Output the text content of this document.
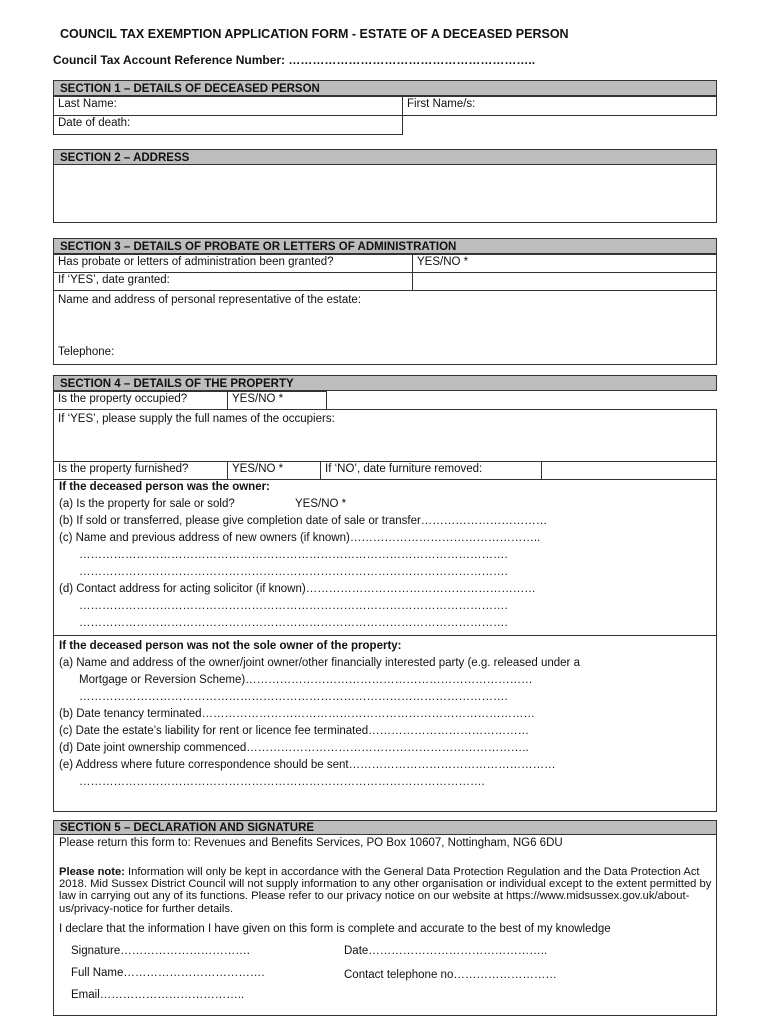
COUNCIL TAX EXEMPTION APPLICATION FORM - ESTATE OF A DECEASED PERSON
Council Tax Account Reference Number: ……………………………………………………..
SECTION 1 – DETAILS OF DECEASED PERSON
Last Name:	First Name/s:
Date of death:
SECTION 2 – ADDRESS
SECTION 3 – DETAILS OF PROBATE OR LETTERS OF ADMINISTRATION
Has probate or letters of administration been granted?	YES/NO *
If ‘YES’, date granted:
Name and address of personal representative of the estate:
Telephone:
SECTION 4 – DETAILS OF THE PROPERTY
Is the property occupied?	YES/NO *
If ‘YES’, please supply the full names of the occupiers:
Is the property furnished?	YES/NO *	If ‘NO’, date furniture removed:
If the deceased person was the owner:
(a) Is the property for sale or sold?	YES/NO *
(b) If sold or transferred, please give completion date of sale or transfer……………………………
(c) Name and previous address of new owners (if known)…………………………………………..
………………………………………………………………………………………………….
………………………………………………………………………………………………….
(d) Contact address for acting solicitor (if known)……………………………………………………
………………………………………………………………………………………………….
………………………………………………………………………………………………….
If the deceased person was not the sole owner of the property:
(a) Name and address of the owner/joint owner/other financially interested party (e.g. released under a
Mortgage or Reversion Scheme)…………………………………………………………………
………………………………………………………………………………………………….
(b) Date tenancy terminated……………………………………………………………………………
(c) Date the estate’s liability for rent or licence fee terminated……………………………………
(d) Date joint ownership commenced………………………………………………………………..
(e) Address where future correspondence should be sent………………………………………………
…………………………………………………………………………………………….
SECTION 5 – DECLARATION AND SIGNATURE
Please return this form to: Revenues and Benefits Services, PO Box 10607, Nottingham, NG6 6DU
Please note: Information will only be kept in accordance with the General Data Protection Regulation and the Data Protection Act 2018. Mid Sussex District Council will not supply information to any other organisation or individual except to the extent permitted by law in carrying out any of its functions. Please refer to our privacy notice on our website at https://www.midsussex.gov.uk/about-us/privacy-notice for further details.
I declare that the information I have given on this form is complete and accurate to the best of my knowledge
Signature…………………………….	Date………………………………………..
Full Name……………………………….	Contact telephone no………………………
Email………………………………..
